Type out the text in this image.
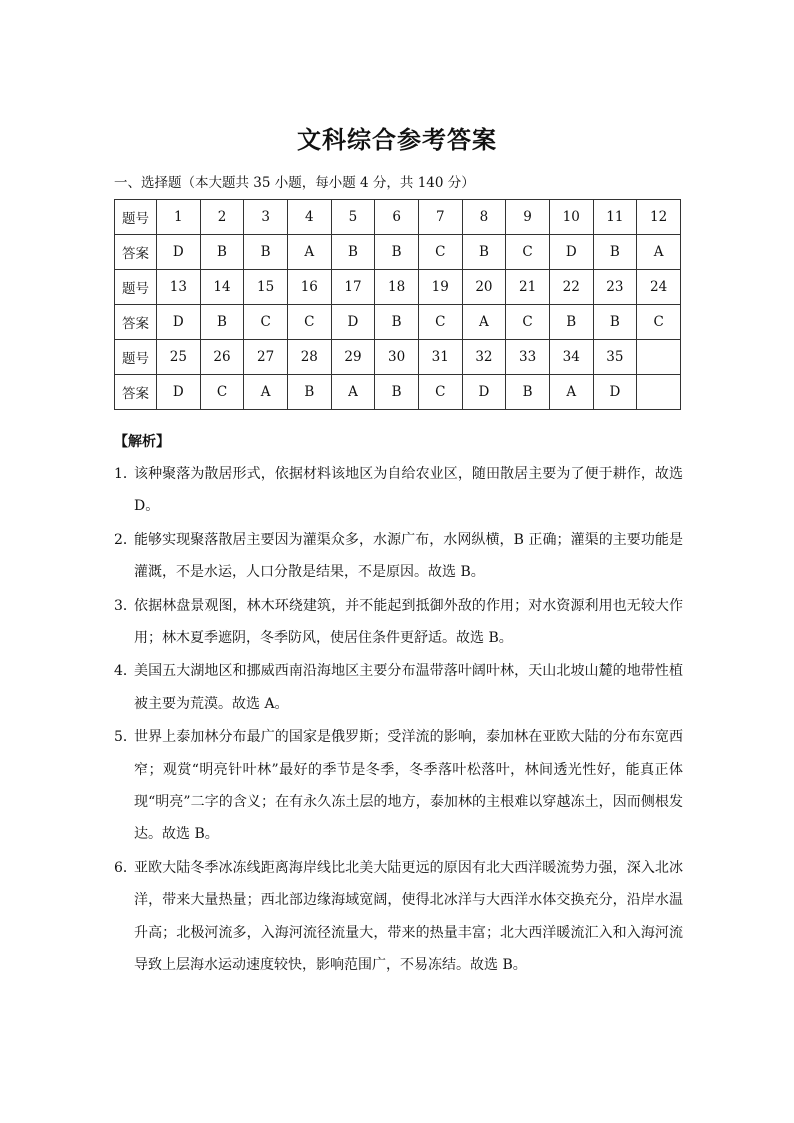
文科综合参考答案
一、选择题（本大题共 35 小题，每小题 4 分，共 140 分）
题号	1	2	3	4	5	6	7	8	9	10	11	12
答案	D	B	B	A	B	B	C	B	C	D	B	A
题号	13	14	15	16	17	18	19	20	21	22	23	24
答案	D	B	C	C	D	B	C	A	C	B	B	C
题号	25	26	27	28	29	30	31	32	33	34	35	
答案	D	C	A	B	A	B	C	D	B	A	D	
【解析】
1．
该种聚落为散居形式，依据材料该地区为自给农业区，随田散居主要为了便于耕作，故选D。
2．
能够实现聚落散居主要因为灌渠众多，水源广布，水网纵横，B 正确；灌渠的主要功能是灌溉，不是水运，人口分散是结果，不是原因。故选 B。
3．
依据林盘景观图，林木环绕建筑，并不能起到抵御外敌的作用；对水资源利用也无较大作用；林木夏季遮阴，冬季防风，使居住条件更舒适。故选 B。
4．
美国五大湖地区和挪威西南沿海地区主要分布温带落叶阔叶林，天山北坡山麓的地带性植被主要为荒漠。故选 A。
5．
世界上泰加林分布最广的国家是俄罗斯；受洋流的影响，泰加林在亚欧大陆的分布东宽西窄；观赏“明亮针叶林”最好的季节是冬季，冬季落叶松落叶，林间透光性好，能真正体现“明亮”二字的含义；在有永久冻土层的地方，泰加林的主根难以穿越冻土，因而侧根发达。故选 B。
6．
亚欧大陆冬季冰冻线距离海岸线比北美大陆更远的原因有北大西洋暖流势力强，深入北冰洋，带来大量热量；西北部边缘海域宽阔，使得北冰洋与大西洋水体交换充分，沿岸水温升高；北极河流多，入海河流径流量大，带来的热量丰富；北大西洋暖流汇入和入海河流导致上层海水运动速度较快，影响范围广，不易冻结。故选 B。
